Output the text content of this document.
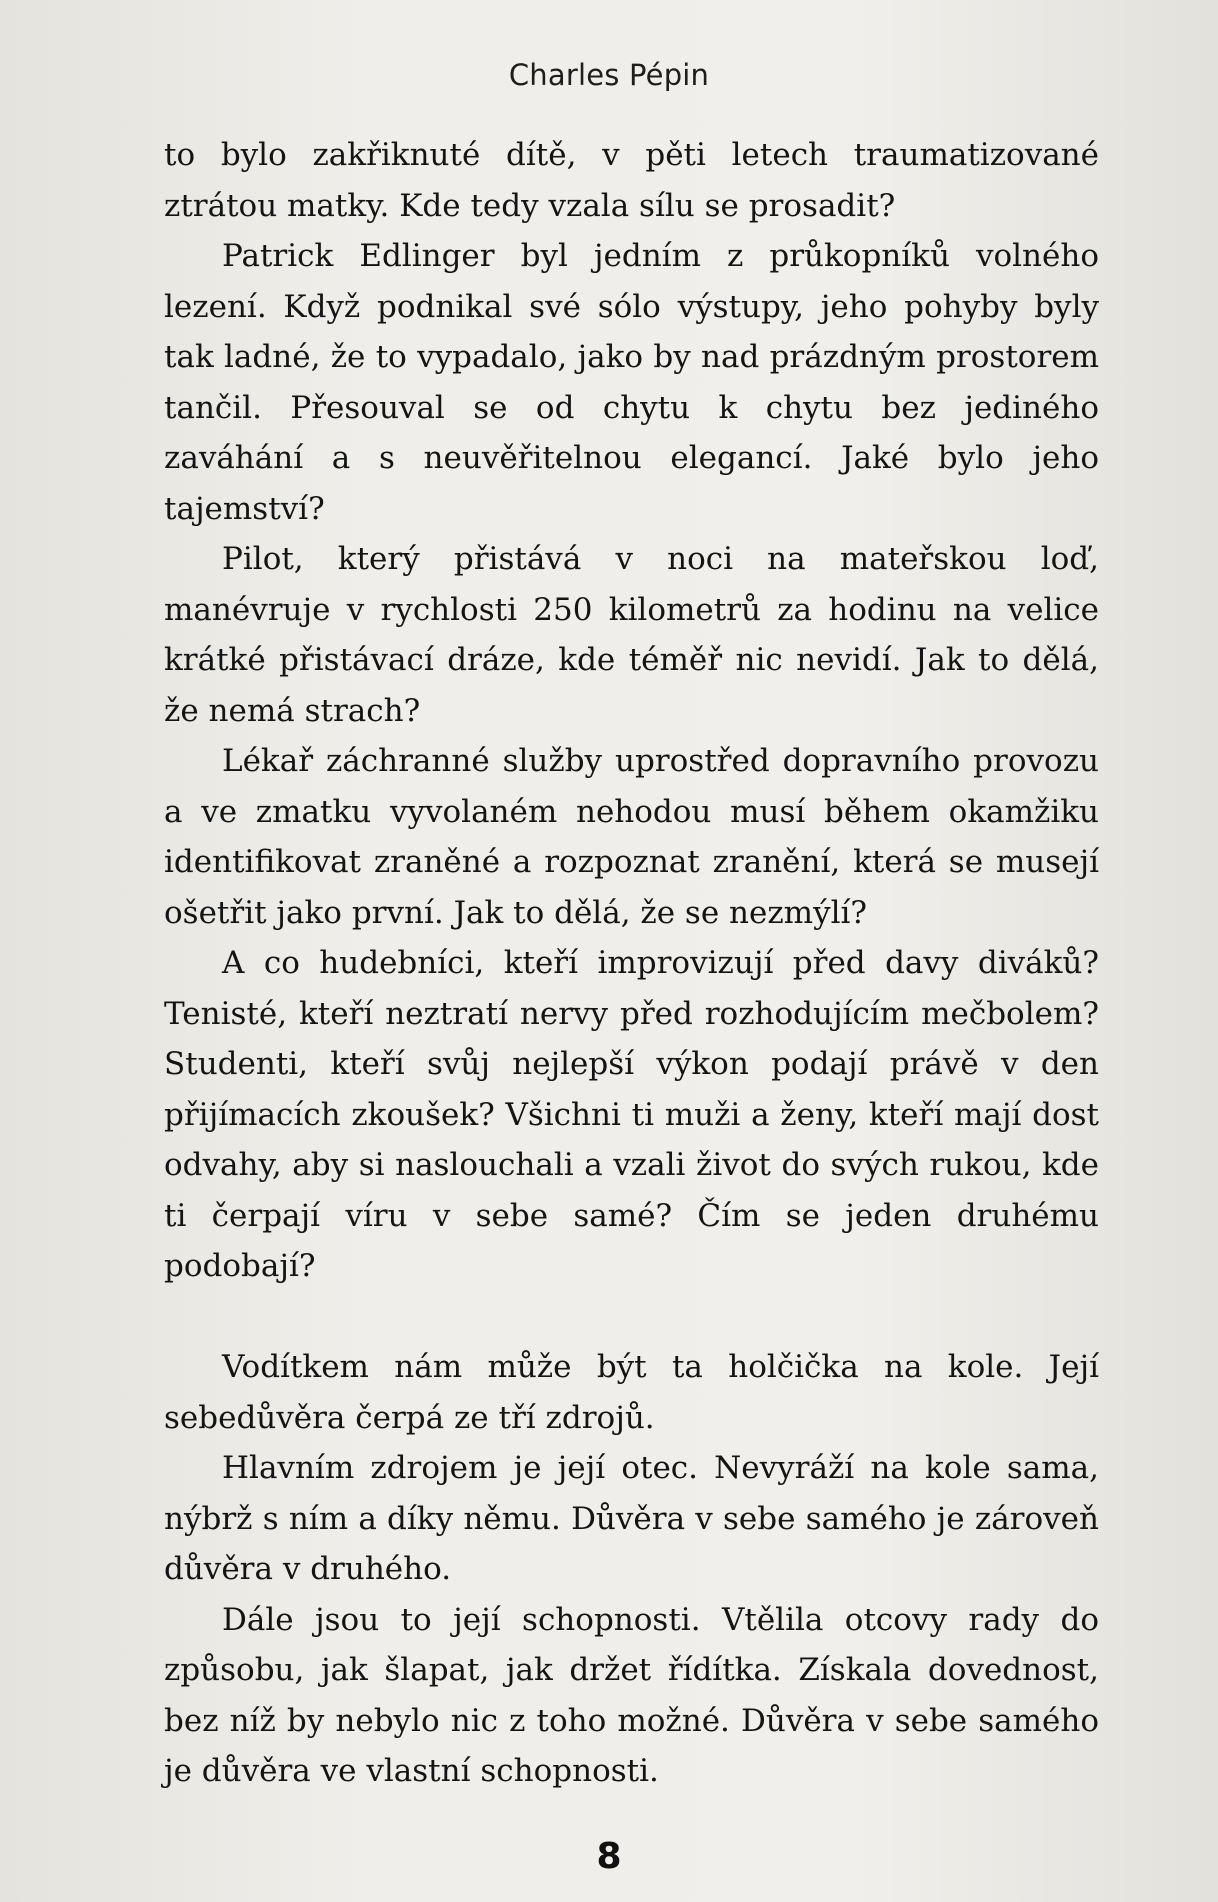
Charles Pépin

to bylo zakřiknuté dítě, v pěti letech traumatizované ztrátou matky. Kde tedy vzala sílu se prosadit?

Patrick Edlinger byl jedním z průkopníků volného lezení. Když podnikal své sólo výstupy, jeho pohyby byly tak ladné, že to vypadalo, jako by nad prázdným prostorem tančil. Přesouval se od chytu k chytu bez jediného zaváhání a s neuvěřitelnou elegancí. Jaké bylo jeho tajemství?

Pilot, který přistává v noci na mateřskou loď, manévruje v rychlosti 250 kilometrů za hodinu na velice krátké přistávací dráze, kde téměř nic nevidí. Jak to dělá, že nemá strach?

Lékař záchranné služby uprostřed dopravního provozu a ve zmatku vyvolaném nehodou musí během okamžiku identifikovat zraněné a rozpoznat zranění, která se musejí ošetřit jako první. Jak to dělá, že se nezmýlí?

A co hudebníci, kteří improvizují před davy diváků? Tenisté, kteří neztratí nervy před rozhodujícím mečbolem? Studenti, kteří svůj nejlepší výkon podají právě v den přijímacích zkoušek? Všichni ti muži a ženy, kteří mají dost odvahy, aby si naslouchali a vzali život do svých rukou, kde ti čerpají víru v sebe samé? Čím se jeden druhému podobají?

Vodítkem nám může být ta holčička na kole. Její sebedůvěra čerpá ze tří zdrojů.

Hlavním zdrojem je její otec. Nevyráží na kole sama, nýbrž s ním a díky němu. Důvěra v sebe samého je zároveň důvěra v druhého.

Dále jsou to její schopnosti. Vtělila otcovy rady do způsobu, jak šlapat, jak držet řídítka. Získala dovednost, bez níž by nebylo nic z toho možné. Důvěra v sebe samého je důvěra ve vlastní schopnosti.

8
